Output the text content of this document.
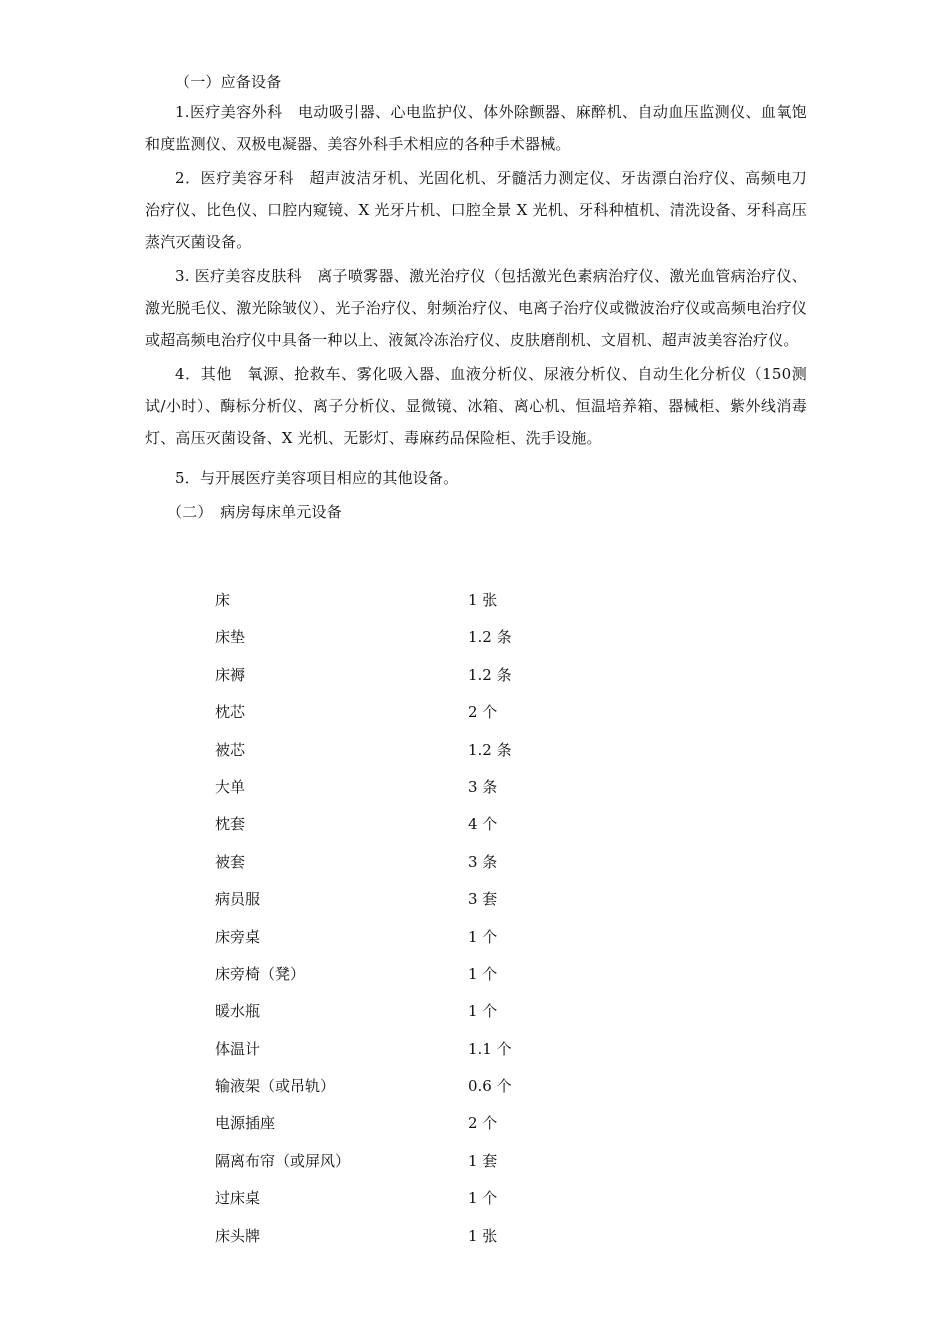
（一）应备设备

1.医疗美容外科　电动吸引器、心电监护仪、体外除颤器、麻醉机、自动血压监测仪、血氧饱和度监测仪、双极电凝器、美容外科手术相应的各种手术器械。

2．医疗美容牙科　超声波洁牙机、光固化机、牙髓活力测定仪、牙齿漂白治疗仪、高频电刀治疗仪、比色仪、口腔内窥镜、X 光牙片机、口腔全景 X 光机、牙科种植机、清洗设备、牙科高压蒸汽灭菌设备。

3. 医疗美容皮肤科　离子喷雾器、激光治疗仪（包括激光色素病治疗仪、激光血管病治疗仪、激光脱毛仪、激光除皱仪）、光子治疗仪、射频治疗仪、电离子治疗仪或微波治疗仪或高频电治疗仪或超高频电治疗仪中具备一种以上、液氮冷冻治疗仪、皮肤磨削机、文眉机、超声波美容治疗仪。

4．其他　氧源、抢救车、雾化吸入器、血液分析仪、尿液分析仪、自动生化分析仪（150测试/小时）、酶标分析仪、离子分析仪、显微镜、冰箱、离心机、恒温培养箱、器械柜、紫外线消毒灯、高压灭菌设备、X 光机、无影灯、毒麻药品保险柜、洗手设施。

5．与开展医疗美容项目相应的其他设备。

（二）　病房每床单元设备

床	1 张
床垫	1.2 条
床褥	1.2 条
枕芯	2 个
被芯	1.2 条
大单	3 条
枕套	4 个
被套	3 条
病员服	3 套
床旁桌	1 个
床旁椅（凳）	1 个
暖水瓶	1 个
体温计	1.1 个
输液架（或吊轨）	0.6 个
电源插座	2 个
隔离布帘（或屏风）	1 套
过床桌	1 个
床头牌	1 张
